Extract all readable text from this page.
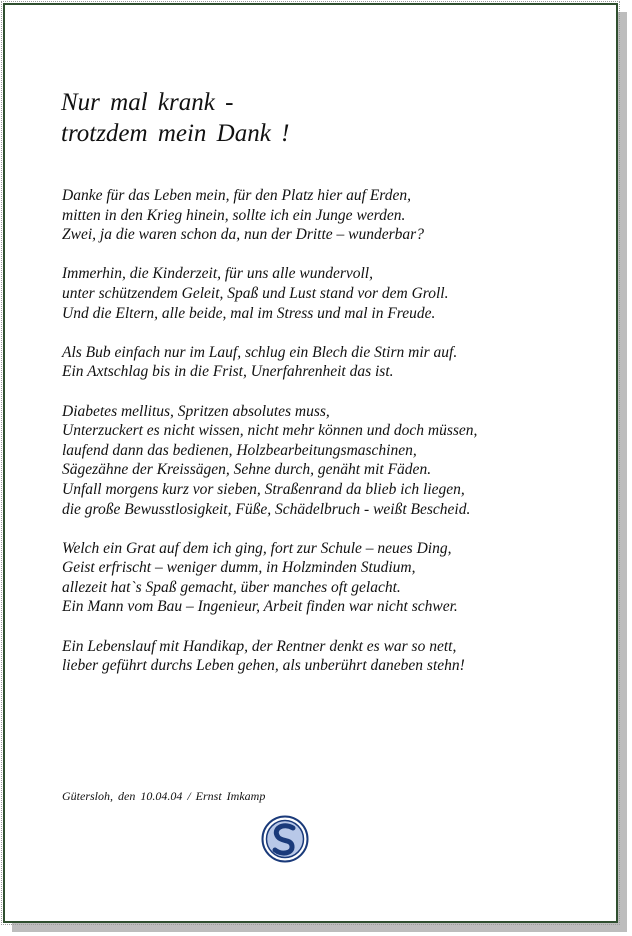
Nur mal krank -
trotzdem mein Dank !
Danke für das Leben mein, für den Platz hier auf Erden,
mitten in den Krieg hinein, sollte ich ein Junge werden.
Zwei, ja die waren schon da, nun der Dritte – wunderbar?
Immerhin, die Kinderzeit, für uns alle wundervoll,
unter schützendem Geleit, Spaß und Lust stand vor dem Groll.
Und die Eltern, alle beide, mal im Stress und mal in Freude.
Als Bub einfach nur im Lauf, schlug ein Blech die Stirn mir auf.
Ein Axtschlag bis in die Frist, Unerfahrenheit das ist.
Diabetes mellitus, Spritzen absolutes muss,
Unterzuckert es nicht wissen, nicht mehr können und doch müssen,
laufend dann das bedienen, Holzbearbeitungsmaschinen,
Sägezähne der Kreissägen, Sehne durch, genäht mit Fäden.
Unfall morgens kurz vor sieben, Straßenrand da blieb ich liegen,
die große Bewusstlosigkeit, Füße, Schädelbruch - weißt Bescheid.
Welch ein Grat auf dem ich ging, fort zur Schule – neues Ding,
Geist erfrischt – weniger dumm, in Holzminden Studium,
allezeit hat`s Spaß gemacht, über manches oft gelacht.
Ein Mann vom Bau – Ingenieur, Arbeit finden war nicht schwer.
Ein Lebenslauf mit Handikap, der Rentner denkt es war so nett,
lieber geführt durchs Leben gehen, als unberührt daneben stehn!
Gütersloh, den 10.04.04 / Ernst Imkamp
